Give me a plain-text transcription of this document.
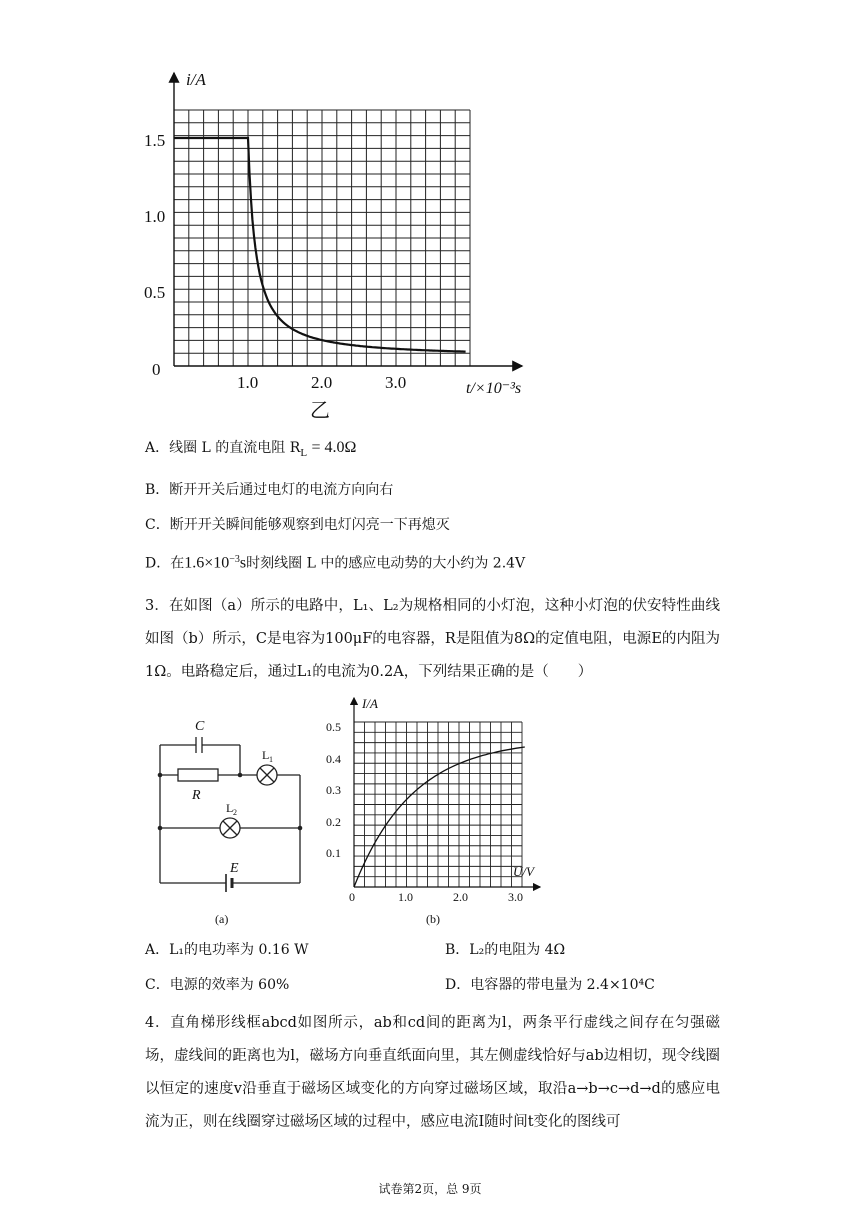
i/A
0
0.5
1.0
1.5
1.0	2.0	3.0	t/×10⁻³s
乙
A．线圈 L 的直流电阻 $R_L = 4.0\Omega$
B．断开开关后通过电灯的电流方向向右
C．断开开关瞬间能够观察到电灯闪亮一下再熄灭
D．在$1.6\times 10^{-3}s$时刻线圈 L 中的感应电动势的大小约为 2.4V

3．在如图（a）所示的电路中，L₁、L₂为规格相同的小灯泡，这种小灯泡的伏安特性曲线如图（b）所示，C是电容为100μF的电容器，R是阻值为8Ω的定值电阻，电源E的内阻为1Ω。电路稳定后，通过L₁的电流为0.2A，下列结果正确的是（　　）

C
R
L 1
L 2
E
(a)
I/A
0.1
0.2
0.3
0.4
0.5
0	1.0	2.0	3.0
U/V
(b)
A．L₁的电功率为 0.16 W	B．L₂的电阻为 4Ω
C．电源的效率为 60%	D．电容器的带电量为 2.4×10⁴C

4．直角梯形线框abcd如图所示，ab和cd间的距离为l，两条平行虚线之间存在匀强磁场，虚线间的距离也为l，磁场方向垂直纸面向里，其左侧虚线恰好与ab边相切，现令线圈以恒定的速度v沿垂直于磁场区域变化的方向穿过磁场区域，取沿a→b→c→d→d的感应电流为正，则在线圈穿过磁场区域的过程中，感应电流I随时间t变化的图线可

试卷第2页，总 9页
